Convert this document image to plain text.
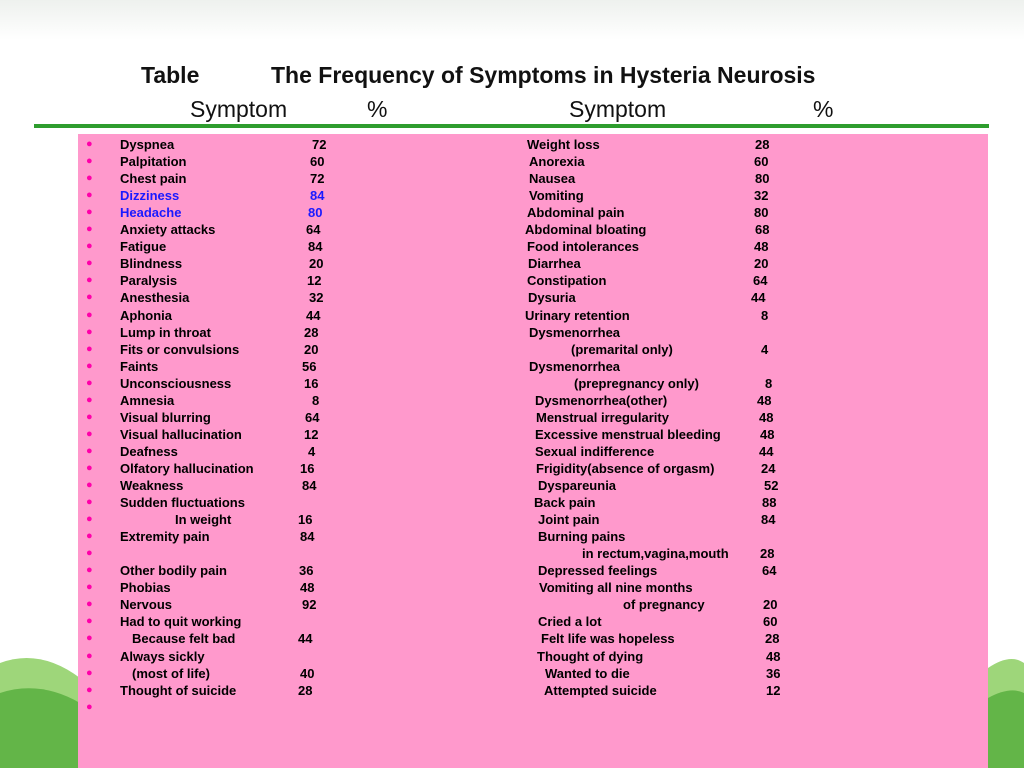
Table	The Frequency of Symptoms in Hysteria Neurosis
Symptom	%	Symptom	%
● Dyspnea	72	Weight loss	28
● Palpitation	60	Anorexia	60
● Chest pain	72	Nausea	80
● Dizziness	84	Vomiting	32
● Headache	80	Abdominal pain	80
● Anxiety attacks	64	Abdominal bloating	68
● Fatigue	84	Food intolerances	48
● Blindness	20	Diarrhea	20
● Paralysis	12	Constipation	64
● Anesthesia	32	Dysuria	44
● Aphonia	44	Urinary retention	8
● Lump in throat	28	Dysmenorrhea
● Fits or convulsions	20	(premarital only)	4
● Faints	56	Dysmenorrhea
● Unconsciousness	16	(prepregnancy only)	8
● Amnesia	8	Dysmenorrhea(other)	48
● Visual blurring	64	Menstrual irregularity	48
● Visual hallucination	12	Excessive menstrual bleeding	48
● Deafness	4	Sexual indifference	44
● Olfatory hallucination	16	Frigidity(absence of orgasm)	24
● Weakness	84	Dyspareunia	52
● Sudden fluctuations	Back pain	88
●	In weight	16	Joint pain	84
● Extremity pain	84	Burning pains
●	in rectum,vagina,mouth 28
● Other bodily pain	36	Depressed feelings	64
● Phobias	48	Vomiting all nine months
● Nervous	92	of pregnancy	20
● Had to quit working	Cried a lot	60
●	Because felt bad	44	Felt life was hopeless	28
● Always sickly	Thought of dying	48
●	(most of life)	40	Wanted to die	36
● Thought of suicide	28	Attempted suicide	12
●
